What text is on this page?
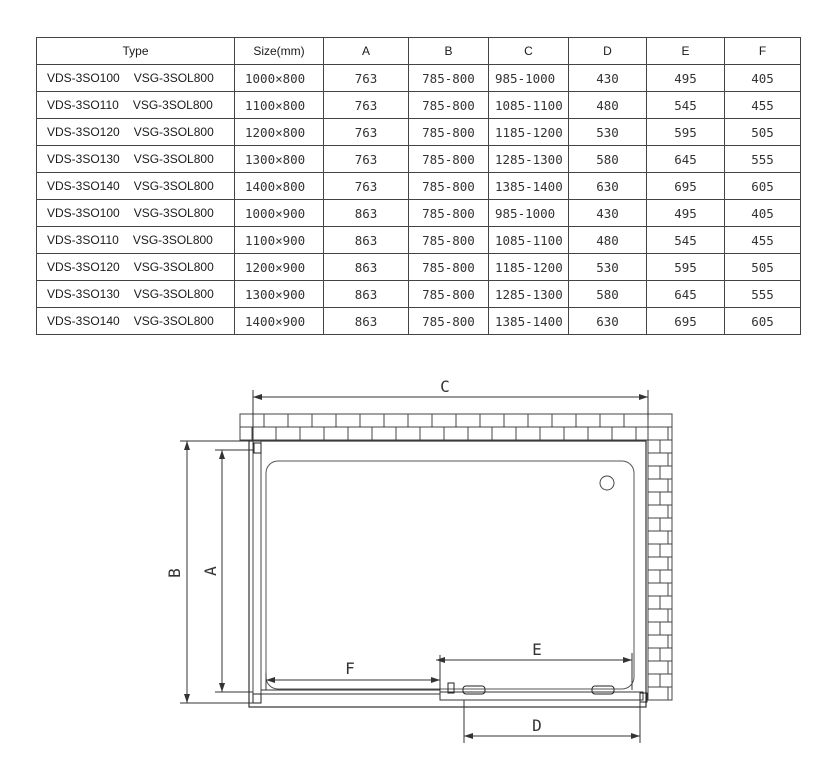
Type	Size(mm)	A	B	C	D	E	F
VDS-3SO100 VSG-3SOL800	1000×800	763	785-800	985-1000	430	495	405
VDS-3SO110 VSG-3SOL800	1100×800	763	785-800	1085-1100	480	545	455
VDS-3SO120 VSG-3SOL800	1200×800	763	785-800	1185-1200	530	595	505
VDS-3SO130 VSG-3SOL800	1300×800	763	785-800	1285-1300	580	645	555
VDS-3SO140 VSG-3SOL800	1400×800	763	785-800	1385-1400	630	695	605
VDS-3SO100 VSG-3SOL800	1000×900	863	785-800	985-1000	430	495	405
VDS-3SO110 VSG-3SOL800	1100×900	863	785-800	1085-1100	480	545	455
VDS-3SO120 VSG-3SOL800	1200×900	863	785-800	1185-1200	530	595	505
VDS-3SO130 VSG-3SOL800	1300×900	863	785-800	1285-1300	580	645	555
VDS-3SO140 VSG-3SOL800	1400×900	863	785-800	1385-1400	630	695	605
C
B A
F
E
D
